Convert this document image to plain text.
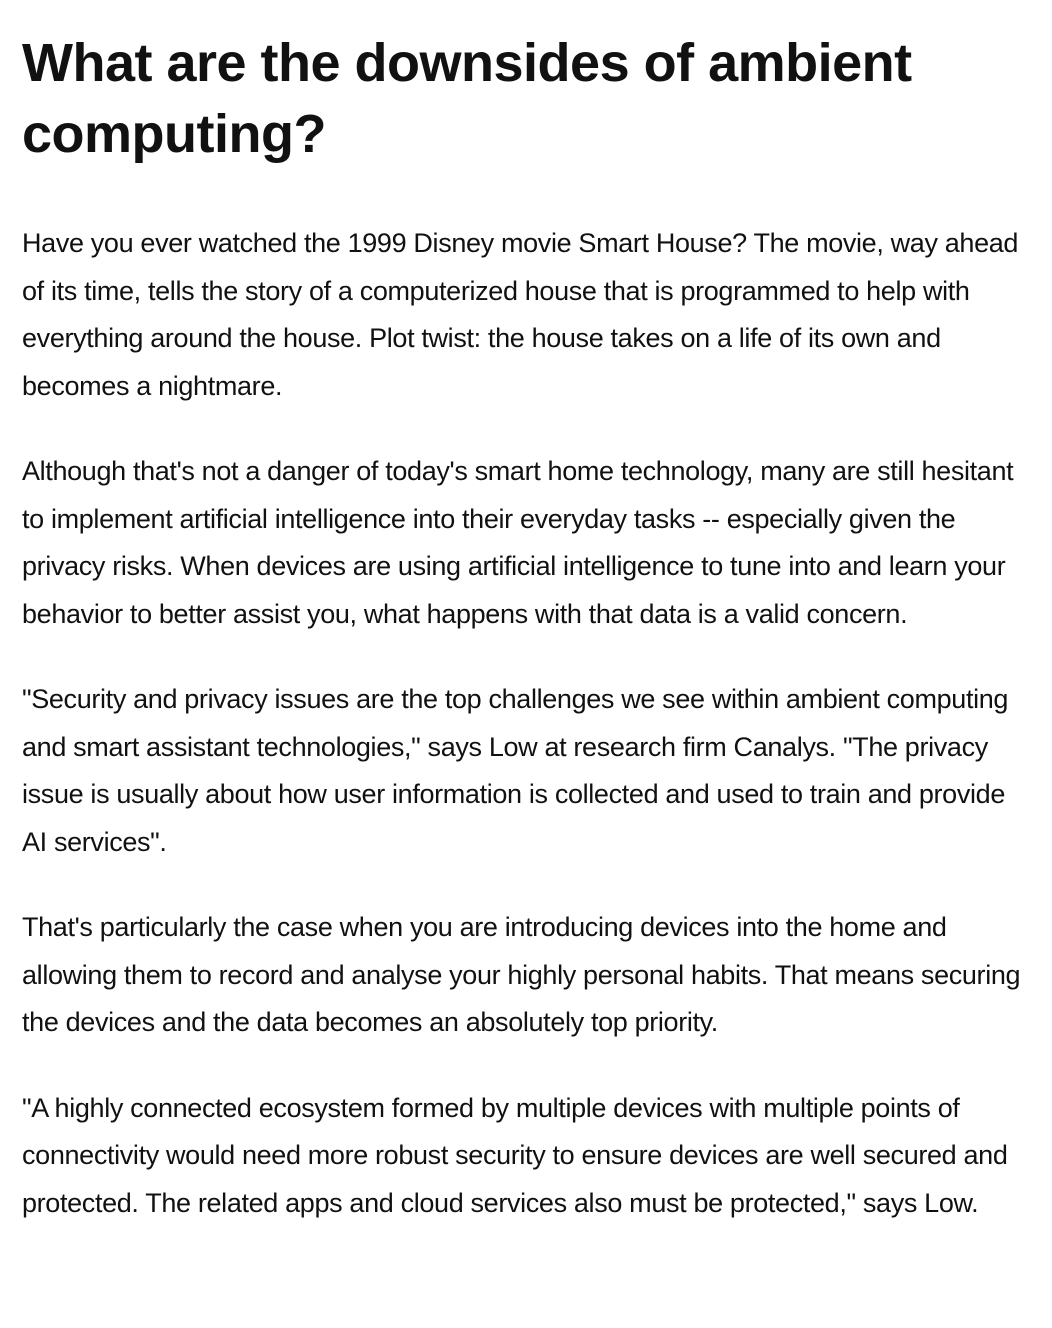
What are the downsides of ambient computing?

Have you ever watched the 1999 Disney movie Smart House? The movie, way ahead of its time, tells the story of a computerized house that is programmed to help with everything around the house. Plot twist: the house takes on a life of its own and becomes a nightmare.

Although that's not a danger of today's smart home technology, many are still hesitant to implement artificial intelligence into their everyday tasks -- especially given the privacy risks. When devices are using artificial intelligence to tune into and learn your behavior to better assist you, what happens with that data is a valid concern.

"Security and privacy issues are the top challenges we see within ambient computing and smart assistant technologies," says Low at research firm Canalys. "The privacy issue is usually about how user information is collected and used to train and provide AI services".

That's particularly the case when you are introducing devices into the home and allowing them to record and analyse your highly personal habits. That means securing the devices and the data becomes an absolutely top priority.

"A highly connected ecosystem formed by multiple devices with multiple points of connectivity would need more robust security to ensure devices are well secured and protected. The related apps and cloud services also must be protected," says Low.
